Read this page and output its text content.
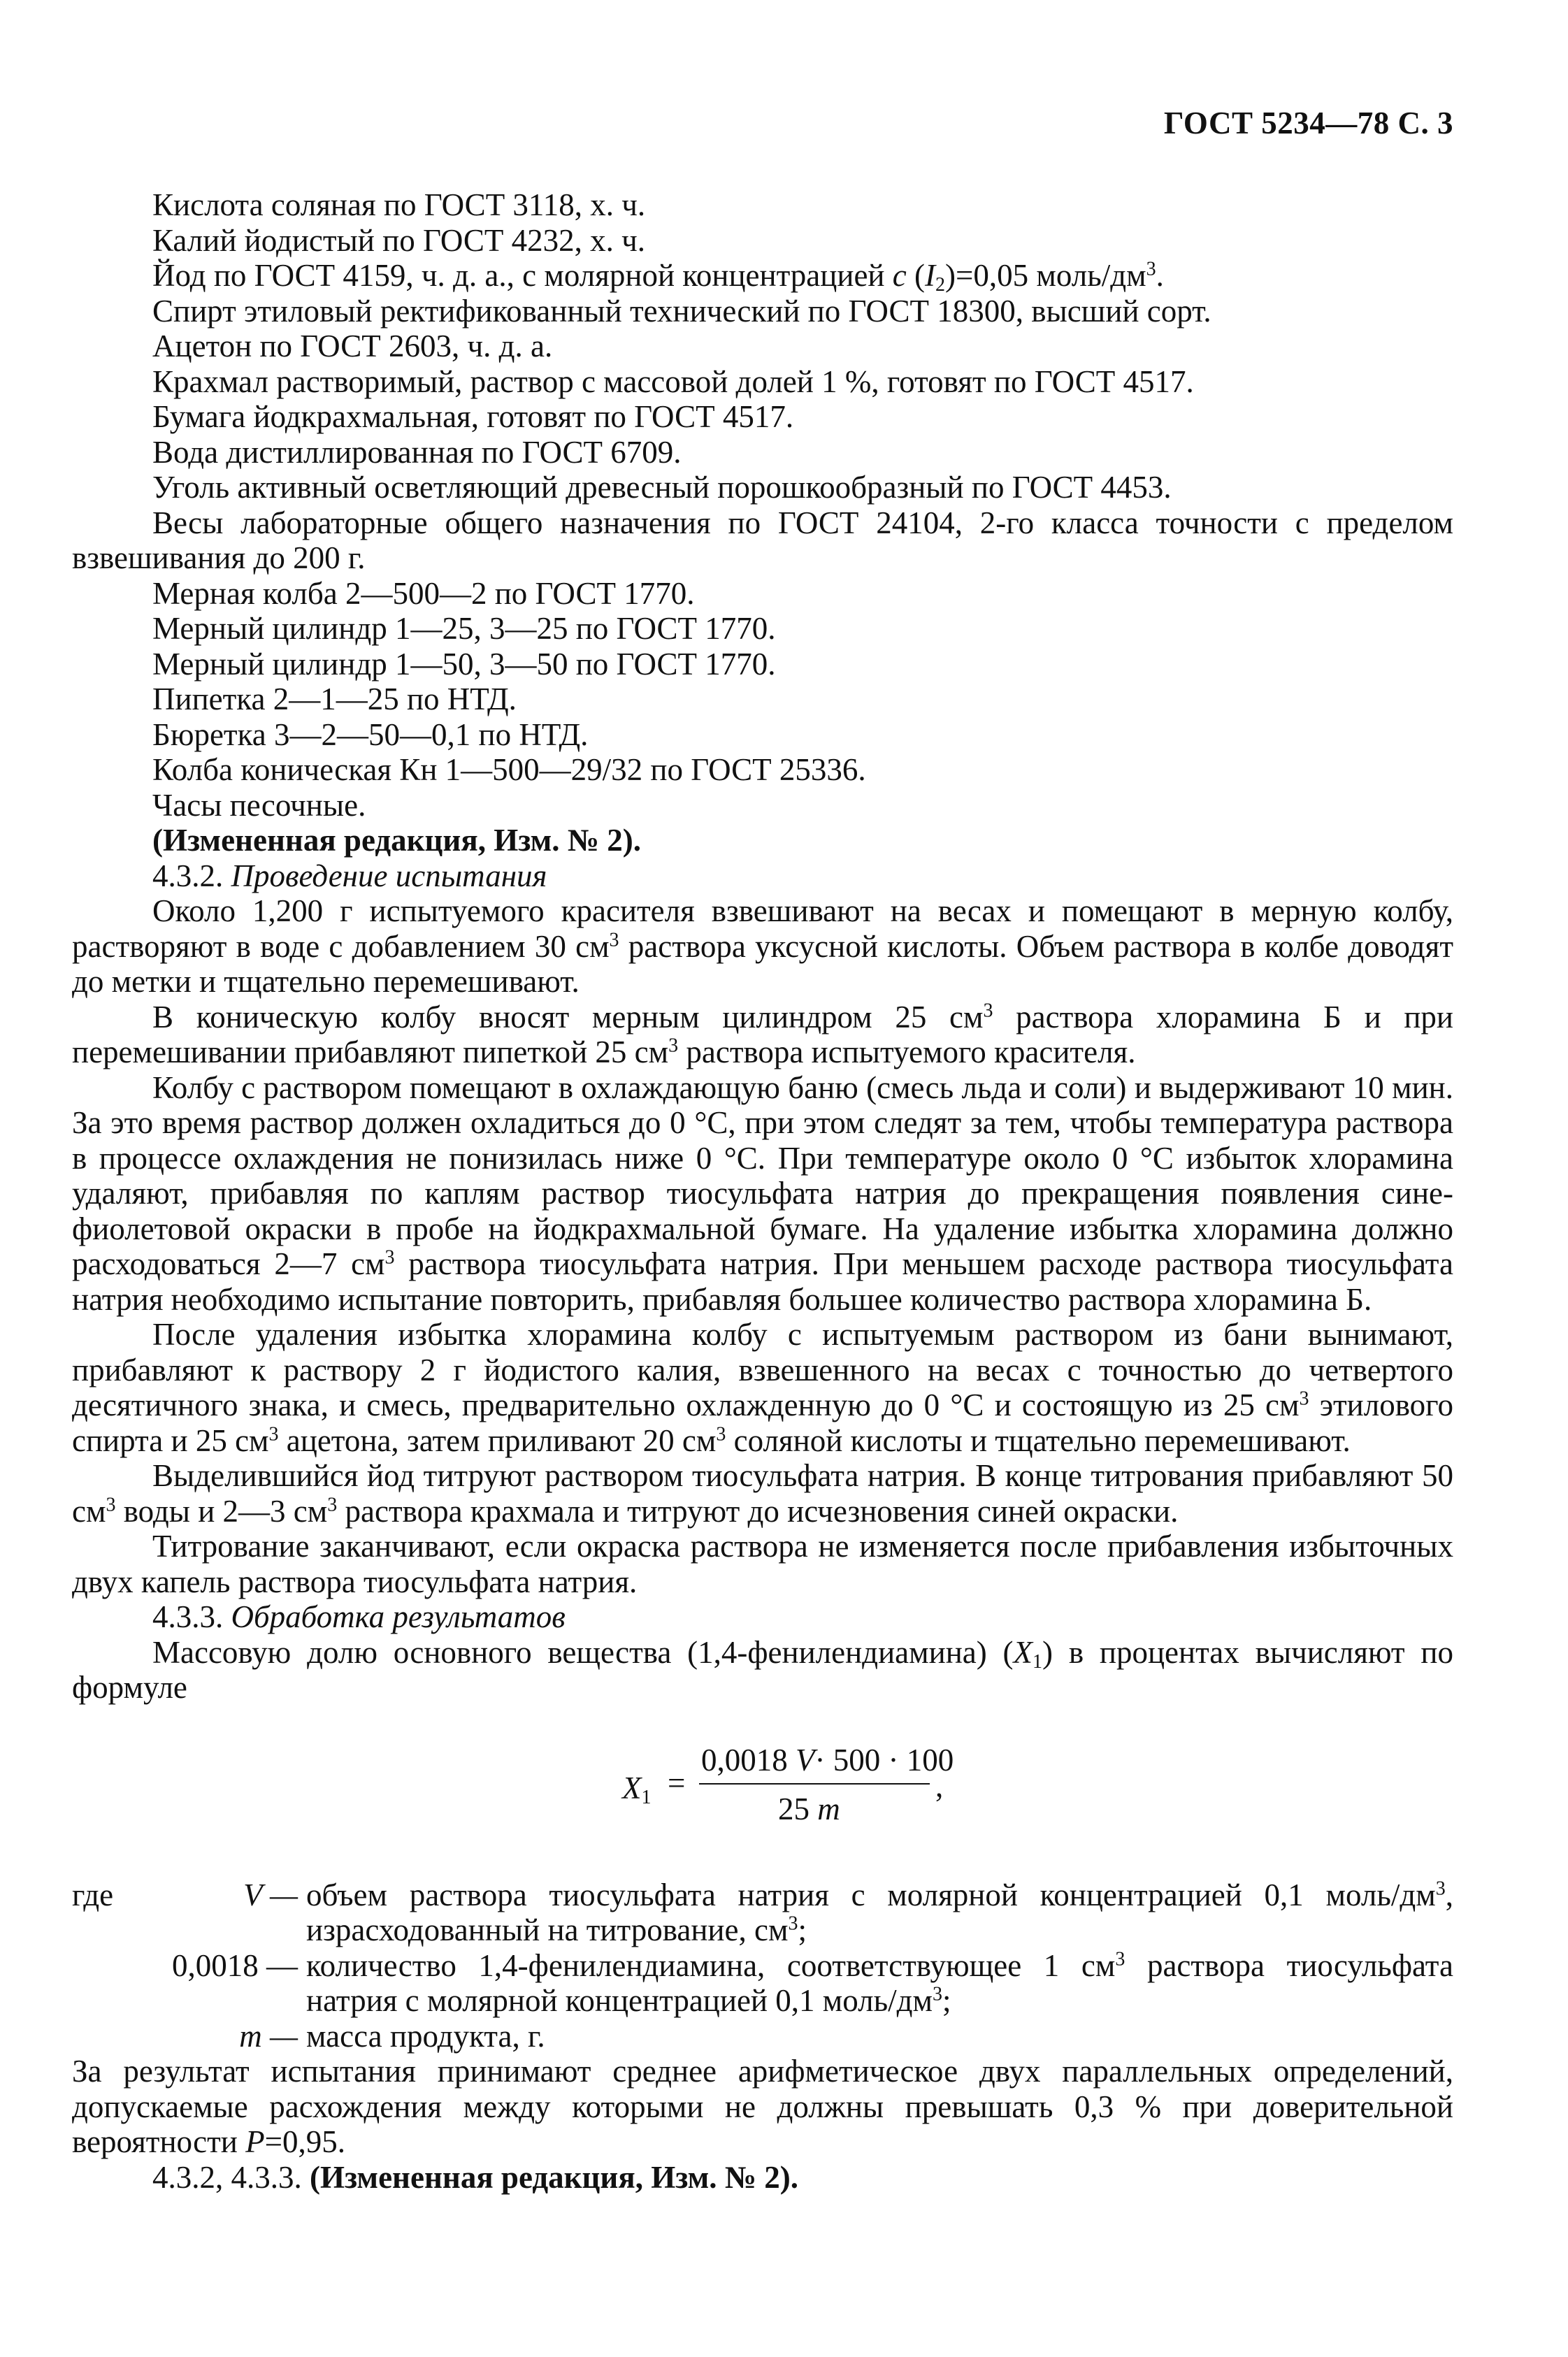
ГОСТ 5234—78 С. 3

Кислота соляная по ГОСТ 3118, х. ч.

Калий йодистый по ГОСТ 4232, х. ч.

Йод по ГОСТ 4159, ч. д. а., с молярной концентрацией c $(I_2)=0,05$ моль/$дм^3$.

Спирт этиловый ректификованный технический по ГОСТ 18300, высший сорт.

Ацетон по ГОСТ 2603, ч. д. а.

Крахмал растворимый, раствор с массовой долей 1 %, готовят по ГОСТ 4517.

Бумага йодкрахмальная, готовят по ГОСТ 4517.

Вода дистиллированная по ГОСТ 6709.

Уголь активный осветляющий древесный порошкообразный по ГОСТ 4453.

Весы лабораторные общего назначения по ГОСТ 24104, 2-го класса точности с пределом взвешивания до 200 г.

Мерная колба 2—500—2 по ГОСТ 1770.

Мерный цилиндр 1—25, 3—25 по ГОСТ 1770.

Мерный цилиндр 1—50, 3—50 по ГОСТ 1770.

Пипетка 2—1—25 по НТД.

Бюретка 3—2—50—0,1 по НТД.

Колба коническая Кн 1—500—29/32 по ГОСТ 25336.

Часы песочные.

(Измененная редакция, Изм. № 2).

4.3.2. Проведение испытания

Около 1,200 г испытуемого красителя взвешивают на весах и помещают в мерную колбу, растворяют в воде с добавлением 30 $см^3$ раствора уксусной кислоты. Объем раствора в колбе доводят до метки и тщательно перемешивают.

В коническую колбу вносят мерным цилиндром 25 $см^3$ раствора хлорамина Б и при перемешивании прибавляют пипеткой 25 $см^3$ раствора испытуемого красителя.

Колбу с раствором помещают в охлаждающую баню (смесь льда и соли) и выдерживают 10 мин. За это время раствор должен охладиться до 0 °С, при этом следят за тем, чтобы температура раствора в процессе охлаждения не понизилась ниже 0 °С. При температуре около 0 °С избыток хлорамина удаляют, прибавляя по каплям раствор тиосульфата натрия до прекращения появления сине-фиолетовой окраски в пробе на йодкрахмальной бумаге. На удаление избытка хлорамина должно расходоваться 2—7 $см^3$ раствора тиосульфата натрия. При меньшем расходе раствора тиосульфата натрия необходимо испытание повторить, прибавляя большее количество раствора хлорамина Б.

После удаления избытка хлорамина колбу с испытуемым раствором из бани вынимают, прибавляют к раствору 2 г йодистого калия, взвешенного на весах с точностью до четвертого десятичного знака, и смесь, предварительно охлажденную до 0 °С и состоящую из 25 $см^3$ этилового спирта и 25 $см^3$ ацетона, затем приливают 20 $см^3$ соляной кислоты и тщательно перемешивают.

Выделившийся йод титруют раствором тиосульфата натрия. В конце титрования прибавляют 50 $см^3$ воды и 2—3 $см^3$ раствора крахмала и титруют до исчезновения синей окраски.

Титрование заканчивают, если окраска раствора не изменяется после прибавления избыточных двух капель раствора тиосульфата натрия.

4.3.3. Обработка результатов

Массовую долю основного вещества (1,4-фенилендиамина) $(X_1)$ в процентах вычисляют по формуле

$X_1$ =
0,0018 V· 500 · 100
25 m
,
где	V — объем раствора тиосульфата натрия с молярной концентрацией 0,1 моль/$дм^3$, израсходованный на титрование, $см^3$;
0,0018 — количество 1,4-фенилендиамина, соответствующее 1 $см^3$ раствора тиосульфата натрия с молярной концентрацией 0,1 моль/$дм^3$;
m — масса продукта, г.

За результат испытания принимают среднее арифметическое двух параллельных определений, допускаемые расхождения между которыми не должны превышать 0,3 % при доверительной вероятности P=0,95.

4.3.2, 4.3.3. (Измененная редакция, Изм. № 2).
